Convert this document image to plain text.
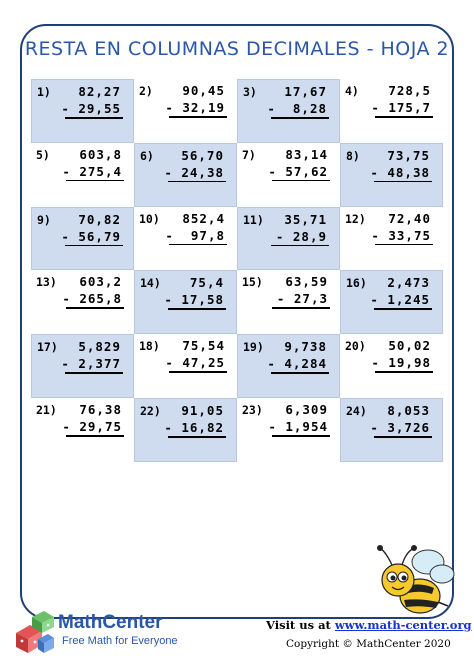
RESTA EN COLUMNAS DECIMALES - HOJA 2
1) 82,27
- 29,55
2) 90,45
- 32,19
3) 17,67
-  8,28
4) 728,5
- 175,7
5) 603,8
- 275,4
6) 56,70
- 24,38
7) 83,14
- 57,62
8) 73,75
- 48,38
9) 70,82
- 56,79
10) 852,4
-  97,8
11) 35,71
- 28,9
12) 72,40
- 33,75
13) 603,2
- 265,8
14) 75,4
- 17,58
15) 63,59
- 27,3
16) 2,473
- 1,245
17) 5,829
- 2,377
18) 75,54
- 47,25
19) 9,738
- 4,284
20) 50,02
- 19,98
21) 76,38
- 29,75
22) 91,05
- 16,82
23) 6,309
- 1,954
24) 8,053
- 3,726
MathCenter
Free Math for Everyone
Visit us at www.math-center.org
Copyright © MathCenter 2020
